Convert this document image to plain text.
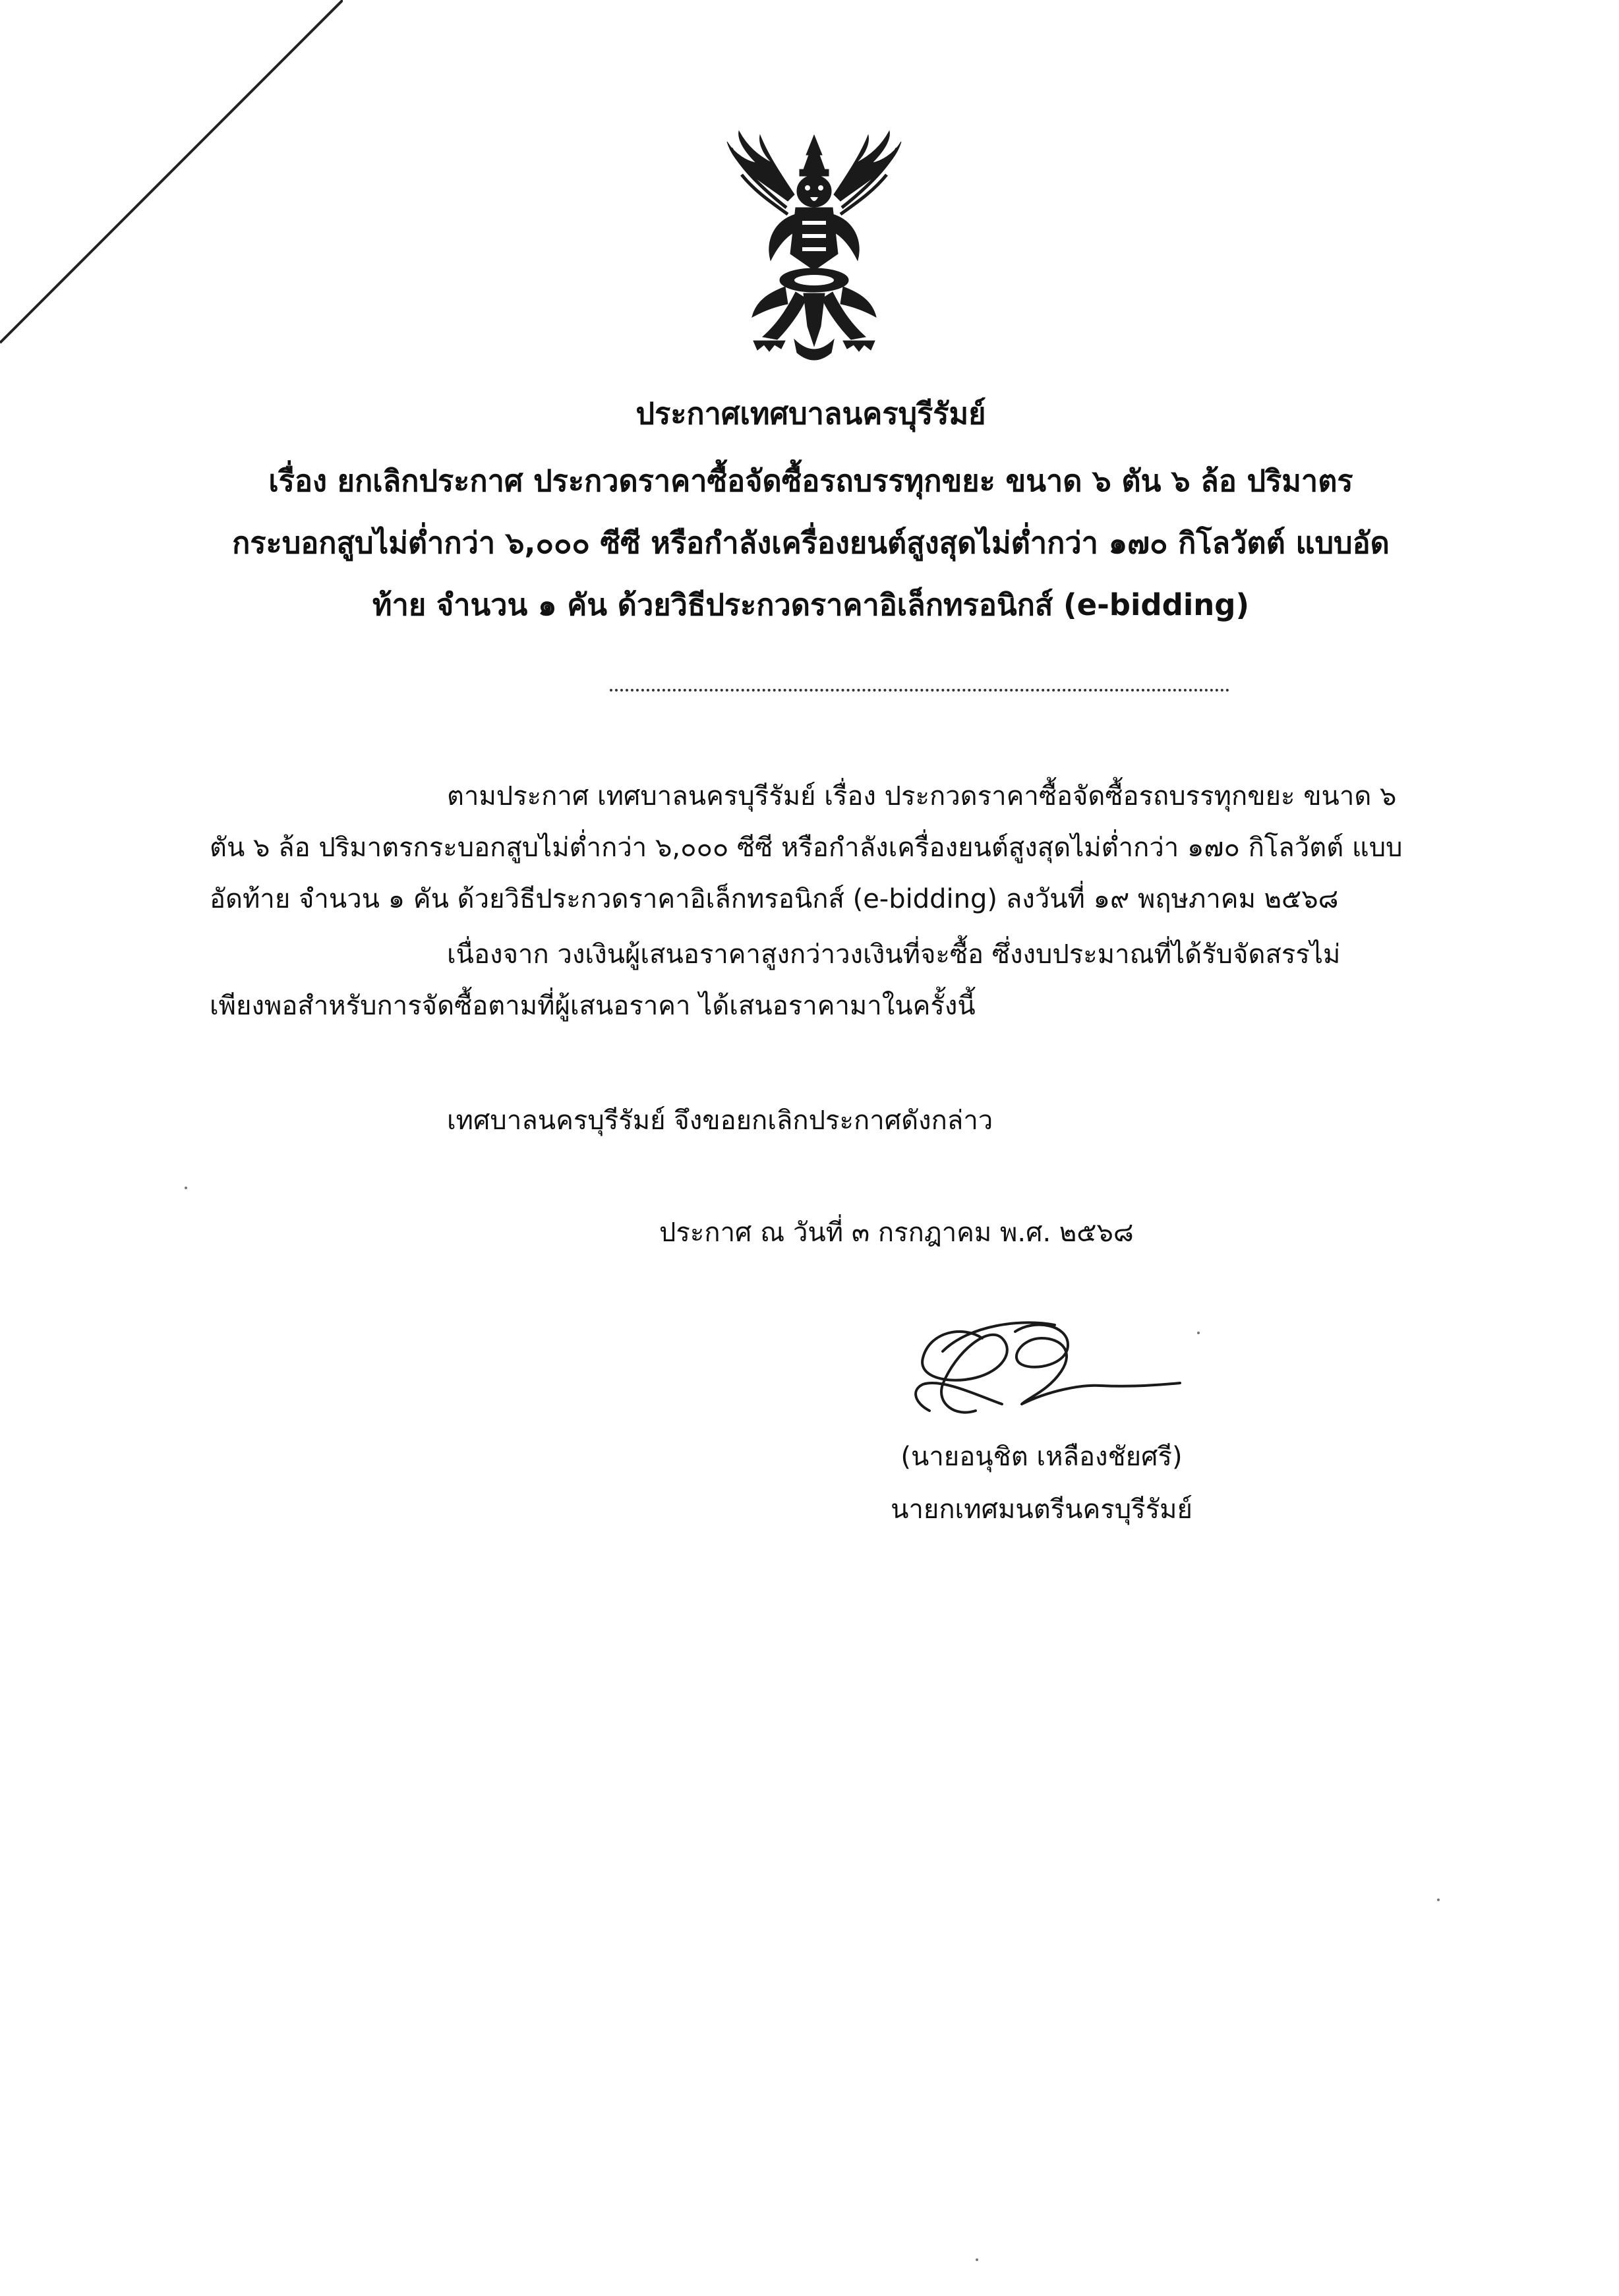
ประกาศเทศบาลนครบุรีรัมย์
เรื่อง ยกเลิกประกาศ ประกวดราคาซื้อจัดซื้อรถบรรทุกขยะ ขนาด ๖ ตัน ๖ ล้อ ปริมาตร
กระบอกสูบไม่ต่ำกว่า ๖,๐๐๐ ซีซี หรือกำลังเครื่องยนต์สูงสุดไม่ต่ำกว่า ๑๗๐ กิโลวัตต์ แบบอัด
ท้าย จำนวน ๑ คัน ด้วยวิธีประกวดราคาอิเล็กทรอนิกส์ (e-bidding)
ตามประกาศ เทศบาลนครบุรีรัมย์ เรื่อง ประกวดราคาซื้อจัดซื้อรถบรรทุกขยะ ขนาด ๖
ตัน ๖ ล้อ ปริมาตรกระบอกสูบไม่ต่ำกว่า ๖,๐๐๐ ซีซี หรือกำลังเครื่องยนต์สูงสุดไม่ต่ำกว่า ๑๗๐ กิโลวัตต์ แบบ
อัดท้าย จำนวน ๑ คัน ด้วยวิธีประกวดราคาอิเล็กทรอนิกส์ (e-bidding) ลงวันที่ ๑๙ พฤษภาคม ๒๕๖๘
เนื่องจาก วงเงินผู้เสนอราคาสูงกว่าวงเงินที่จะซื้อ ซึ่งงบประมาณที่ได้รับจัดสรรไม่
เพียงพอสำหรับการจัดซื้อตามที่ผู้เสนอราคา ได้เสนอราคามาในครั้งนี้
เทศบาลนครบุรีรัมย์ จึงขอยกเลิกประกาศดังกล่าว
ประกาศ ณ วันที่ ๓ กรกฎาคม พ.ศ. ๒๕๖๘
(นายอนุชิต เหลืองชัยศรี)
นายกเทศมนตรีนครบุรีรัมย์
